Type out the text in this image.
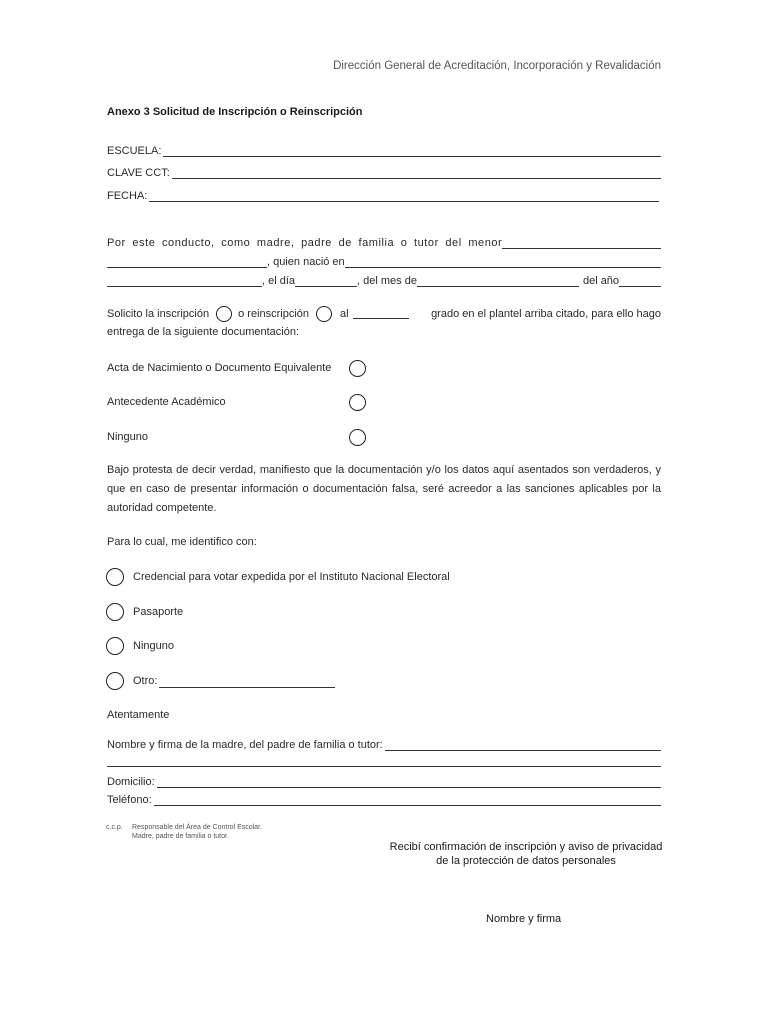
Dirección General de Acreditación, Incorporación y Revalidación
Anexo 3 Solicitud de Inscripción o Reinscripción
ESCUELA:
CLAVE CCT:
FECHA:
Por este conducto, como madre, padre de familia o tutor del menor
, quien nació en
, el día	, del mes de	del año
Solicito la inscripción	o reinscripción	al	grado en el plantel arriba citado, para ello hago
entrega de la siguiente documentación:
Acta de Nacimiento o Documento Equivalente
Antecedente Académico
Ninguno
Bajo protesta de decir verdad, manifiesto que la documentación y/o los datos aquí asentados son verdaderos, y que en caso de presentar información o documentación falsa, seré acreedor a las sanciones aplicables por la autoridad competente.
Para lo cual, me identifico con:
Credencial para votar expedida por el Instituto Nacional Electoral
Pasaporte
Ninguno
Otro:
Atentamente
Nombre y firma de la madre, del padre de familia o tutor:
Domicilio:
Teléfono:
c.c.p.	Responsable del Área de Control Escolar.
Madre, padre de familia o tutor.
Recibí confirmación de inscripción y aviso de privacidad
de la protección de datos personales
Nombre y firma
